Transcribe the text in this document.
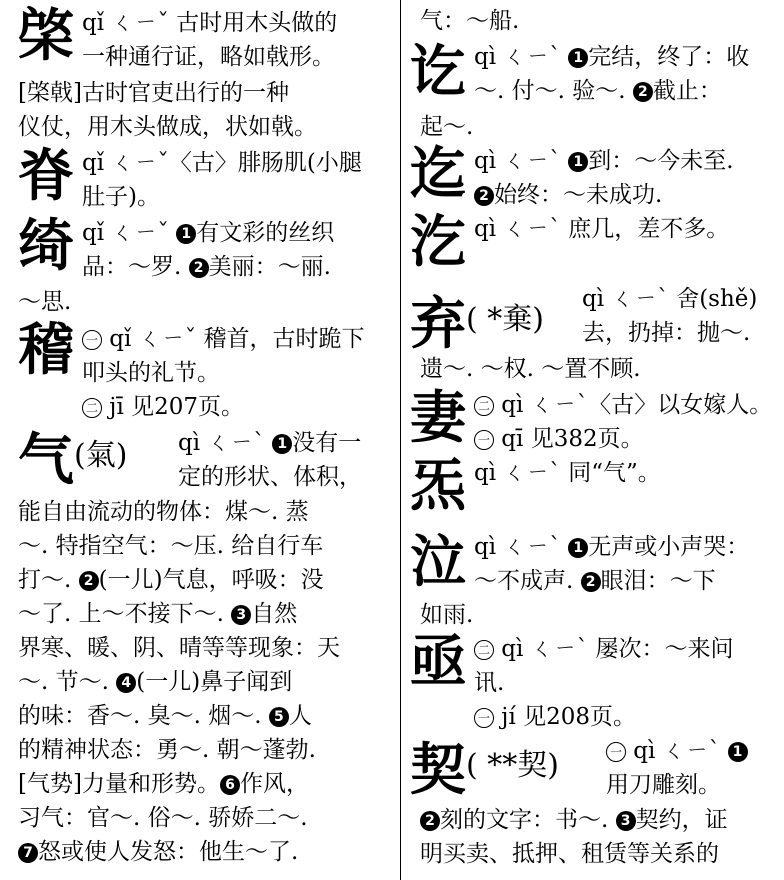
棨 qǐ ㄑㄧˇ 古时用木头做的
一种通行证，略如戟形。
[棨戟]古时官吏出行的一种
仪仗，用木头做成，状如戟。
脊 qǐ ㄑㄧˇ〈古〉腓肠肌(小腿
肚子)。
绮 qǐ ㄑㄧˇ 1 有文彩的丝织
品：～罗. 2 美丽：～丽.
～思.
稽 一 qǐ ㄑㄧˇ 稽首，古时跪下
叩头的礼节。
二 jī 见207页。
气$^{(氣)}$ qì ㄑㄧˋ 1 没有一
定的形状、体积，
能自由流动的物体：煤～. 蒸
～. 特指空气：～压. 给自行车
打～. 2 (一儿)气息，呼吸：没
～了. 上～不接下～. 3 自然
界寒、暖、阴、晴等等现象：天
～. 节～. 4 (一儿)鼻子闻到
的味：香～. 臭～. 烟～. 5 人
的精神状态：勇～. 朝～蓬勃.
[气势]力量和形势。 6 作风，
习气：官～. 俗～. 骄娇二～.
7 怒或使人发怒：他生～了.
气：～船.
讫 qì ㄑㄧˋ 1 完结，终了：收
～. 付～. 验～. 2 截止：
起～.
迄 qì ㄑㄧˋ 1 到：～今未至.
2 始终：～未成功.
汔 qì ㄑㄧˋ 庶几，差不多。
弃$^{( *棄)}$
qì ㄑㄧˋ 舍(shě)
去，扔掉：抛～.
遗～. ～权. ～置不顾.
妻 二 qì ㄑㄧˋ〈古〉以女嫁人。
一 qī 见382页。
炁 qì ㄑㄧˋ 同“气”。
泣 qì ㄑㄧˋ 1 无声或小声哭：
～不成声. 2 眼泪：～下
如雨.
亟 二 qì ㄑㄧˋ 屡次：～来问
讯.
一 jí 见208页。
契$^{( **契)}$	一 qì ㄑㄧˋ 1
用刀雕刻。
2 刻的文字：书～. 3 契约，证
明买卖、抵押、租赁等关系的
